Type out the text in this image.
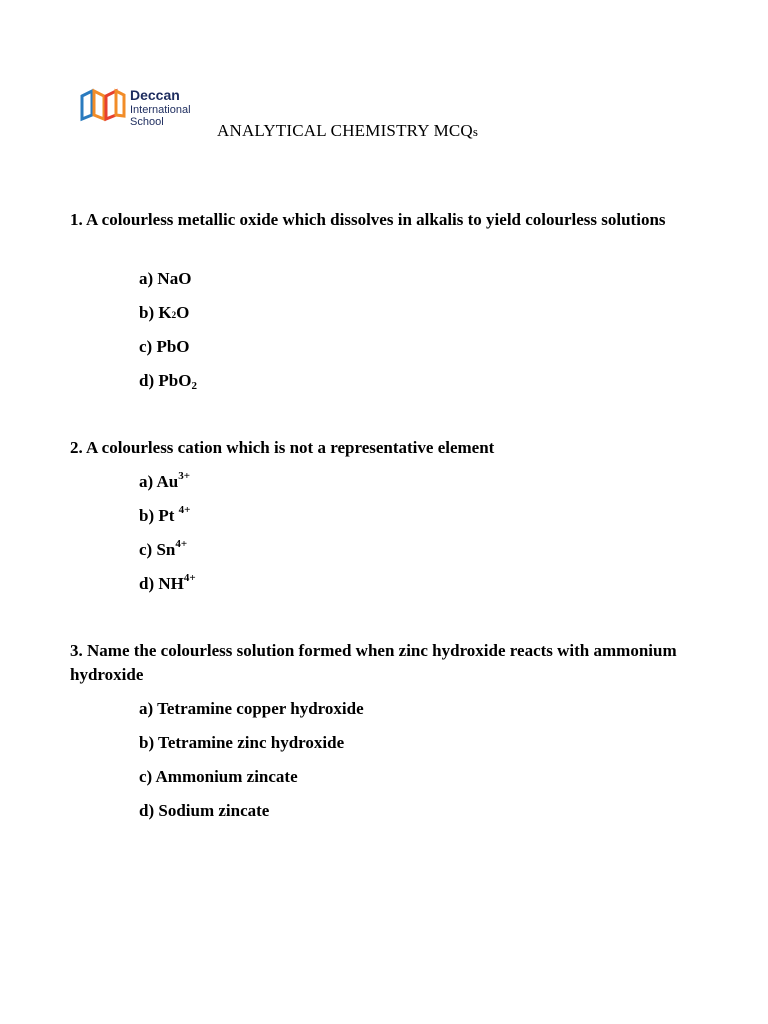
Deccan
International
School	ANALYTICAL CHEMISTRY MCQs
1. A colourless metallic oxide which dissolves in alkalis to yield colourless solutions
a) NaO
b) K2O
c) PbO
d) PbO$_2$
2. A colourless cation which is not a representative element
a) $Au^{3+}$
b) Pt $^{4+}$
c) $Sn^{4+}$
d) $NH^{4+}$
3. Name the colourless solution formed when zinc hydroxide reacts with ammonium hydroxide
a) Tetramine copper hydroxide
b) Tetramine zinc hydroxide
c) Ammonium zincate
d) Sodium zincate
